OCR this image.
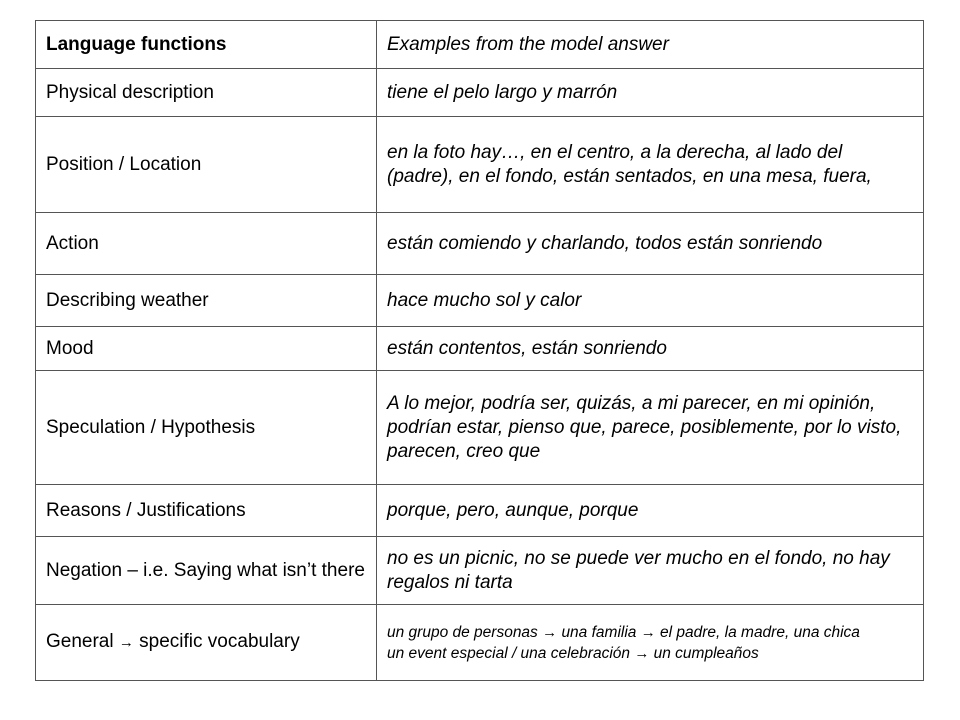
Language functions	Examples from the model answer
Physical description	tiene el pelo largo y marrón
Position / Location	en la foto hay…, en el centro, a la derecha, al lado del (padre), en el fondo, están sentados, en una mesa, fuera,
Action	están comiendo y charlando, todos están sonriendo
Describing weather	hace mucho sol y calor
Mood	están contentos, están sonriendo
Speculation / Hypothesis	A lo mejor, podría ser, quizás, a mi parecer, en mi opinión, podrían estar, pienso que, parece, posiblemente, por lo visto, parecen, creo que
Reasons / Justifications	porque, pero, aunque, porque
Negation – i.e. Saying what isn’t there	no es un picnic, no se puede ver mucho en el fondo, no hay regalos ni tarta
General → specific vocabulary	un grupo de personas → una familia → el padre, la madre, una chica
un event especial / una celebración → un cumpleaños
